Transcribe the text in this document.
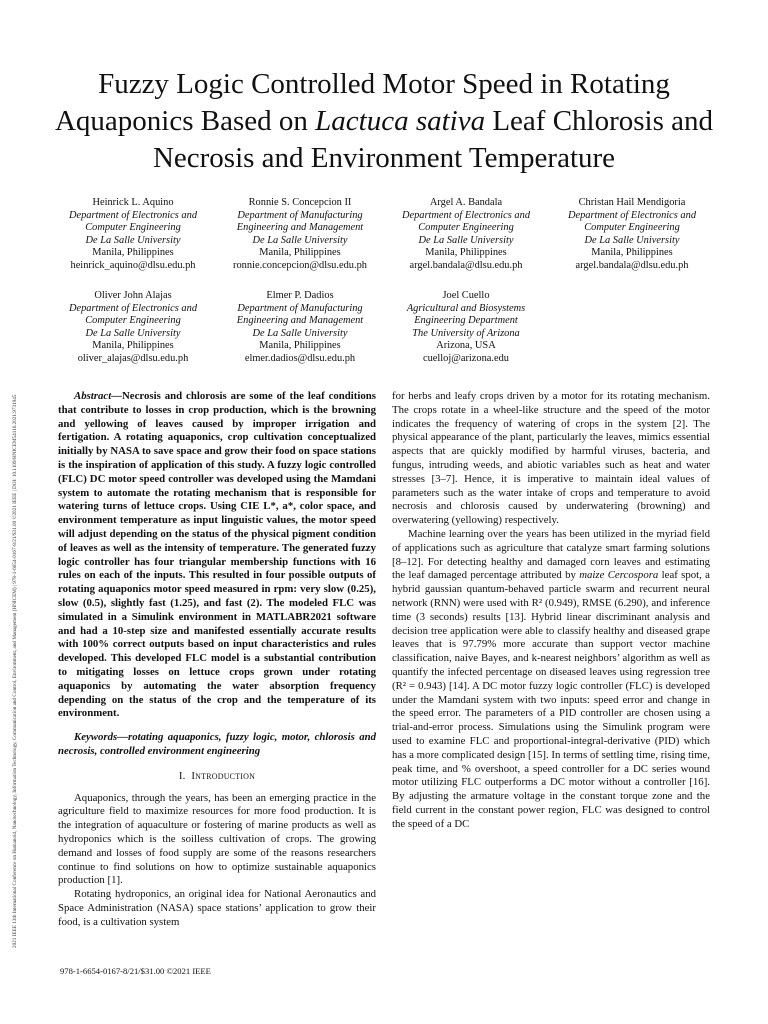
2021 IEEE 13th International Conference on Humanoid, Nanotechnology, Information Technology, Communication and Control, Environment, and Management (HNICEM) | 978-1-6654-0167-8/21/$31.00 ©2021 IEEE | DOI: 10.1109/HNICEM54116.2021.9731945
Fuzzy Logic Controlled Motor Speed in Rotating Aquaponics Based on Lactuca sativa Leaf Chlorosis and Necrosis and Environment Temperature
Heinrick L. Aquino
Department of Electronics and Computer Engineering
De La Salle University
Manila, Philippines
heinrick_aquino@dlsu.edu.ph
Ronnie S. Concepcion II
Department of Manufacturing Engineering and Management
De La Salle University
Manila, Philippines
ronnie.concepcion@dlsu.edu.ph
Argel A. Bandala
Department of Electronics and Computer Engineering
De La Salle University
Manila, Philippines
argel.bandala@dlsu.edu.ph
Christan Hail Mendigoria
Department of Electronics and Computer Engineering
De La Salle University
Manila, Philippines
argel.bandala@dlsu.edu.ph
Oliver John Alajas
Department of Electronics and Computer Engineering
De La Salle University
Manila, Philippines
oliver_alajas@dlsu.edu.ph
Elmer P. Dadios
Department of Manufacturing Engineering and Management
De La Salle University
Manila, Philippines
elmer.dadios@dlsu.edu.ph
Joel Cuello
Agricultural and Biosystems Engineering Department
The University of Arizona
Arizona, USA
cuelloj@arizona.edu

Abstract—Necrosis and chlorosis are some of the leaf conditions that contribute to losses in crop production, which is the browning and yellowing of leaves caused by improper irrigation and fertigation. A rotating aquaponics, crop cultivation conceptualized initially by NASA to save space and grow their food on space stations is the inspiration of application of this study. A fuzzy logic controlled (FLC) DC motor speed controller was developed using the Mamdani system to automate the rotating mechanism that is responsible for watering turns of lettuce crops. Using CIE L*, a*, color space, and environment temperature as input linguistic values, the motor speed will adjust depending on the status of the physical pigment condition of leaves as well as the intensity of temperature. The generated fuzzy logic controller has four triangular membership functions with 16 rules on each of the inputs. This resulted in four possible outputs of rotating aquaponics motor speed measured in rpm: very slow (0.25), slow (0.5), slightly fast (1.25), and fast (2). The modeled FLC was simulated in a Simulink environment in MATLABR2021 software and had a 10-step size and manifested essentially accurate results with 100% correct outputs based on input characteristics and rules developed. This developed FLC model is a substantial contribution to mitigating losses on lettuce crops grown under rotating aquaponics by automating the water absorption frequency depending on the status of the crop and the temperature of its environment.

Keywords—rotating aquaponics, fuzzy logic, motor, chlorosis and necrosis, controlled environment engineering

I. Introduction

Aquaponics, through the years, has been an emerging practice in the agriculture field to maximize resources for more food production. It is the integration of aquaculture or fostering of marine products as well as hydroponics which is the soilless cultivation of crops. The growing demand and losses of food supply are some of the reasons researchers continue to find solutions on how to optimize sustainable aquaponics production [1].

Rotating hydroponics, an original idea for National Aeronautics and Space Administration (NASA) space stations’ application to grow their food, is a cultivation system

for herbs and leafy crops driven by a motor for its rotating mechanism. The crops rotate in a wheel-like structure and the speed of the motor indicates the frequency of watering of crops in the system [2]. The physical appearance of the plant, particularly the leaves, mimics essential aspects that are quickly modified by harmful viruses, bacteria, and fungus, intruding weeds, and abiotic variables such as heat and water stresses [3–7]. Hence, it is imperative to maintain ideal values of parameters such as the water intake of crops and temperature to avoid necrosis and chlorosis caused by underwatering (browning) and overwatering (yellowing) respectively.

Machine learning over the years has been utilized in the myriad field of applications such as agriculture that catalyze smart farming solutions [8–12]. For detecting healthy and damaged corn leaves and estimating the leaf damaged percentage attributed by maize Cercospora leaf spot, a hybrid gaussian quantum-behaved particle swarm and recurrent neural network (RNN) were used with R² (0.949), RMSE (6.290), and inference time (3 seconds) results [13]. Hybrid linear discriminant analysis and decision tree application were able to classify healthy and diseased grape leaves that is 97.79% more accurate than support vector machine classification, naive Bayes, and k-nearest neighbors’ algorithm as well as quantify the infected percentage on diseased leaves using regression tree (R² = 0.943) [14]. A DC motor fuzzy logic controller (FLC) is developed under the Mamdani system with two inputs: speed error and change in the speed error. The parameters of a PID controller are chosen using a trial-and-error process. Simulations using the Simulink program were used to examine FLC and proportional-integral-derivative (PID) which has a more complicated design [15]. In terms of settling time, rising time, peak time, and % overshoot, a speed controller for a DC series wound motor utilizing FLC outperforms a DC motor without a controller [16]. By adjusting the armature voltage in the constant torque zone and the field current in the constant power region, FLC was designed to control the speed of a DC

978-1-6654-0167-8/21/$31.00 ©2021 IEEE
